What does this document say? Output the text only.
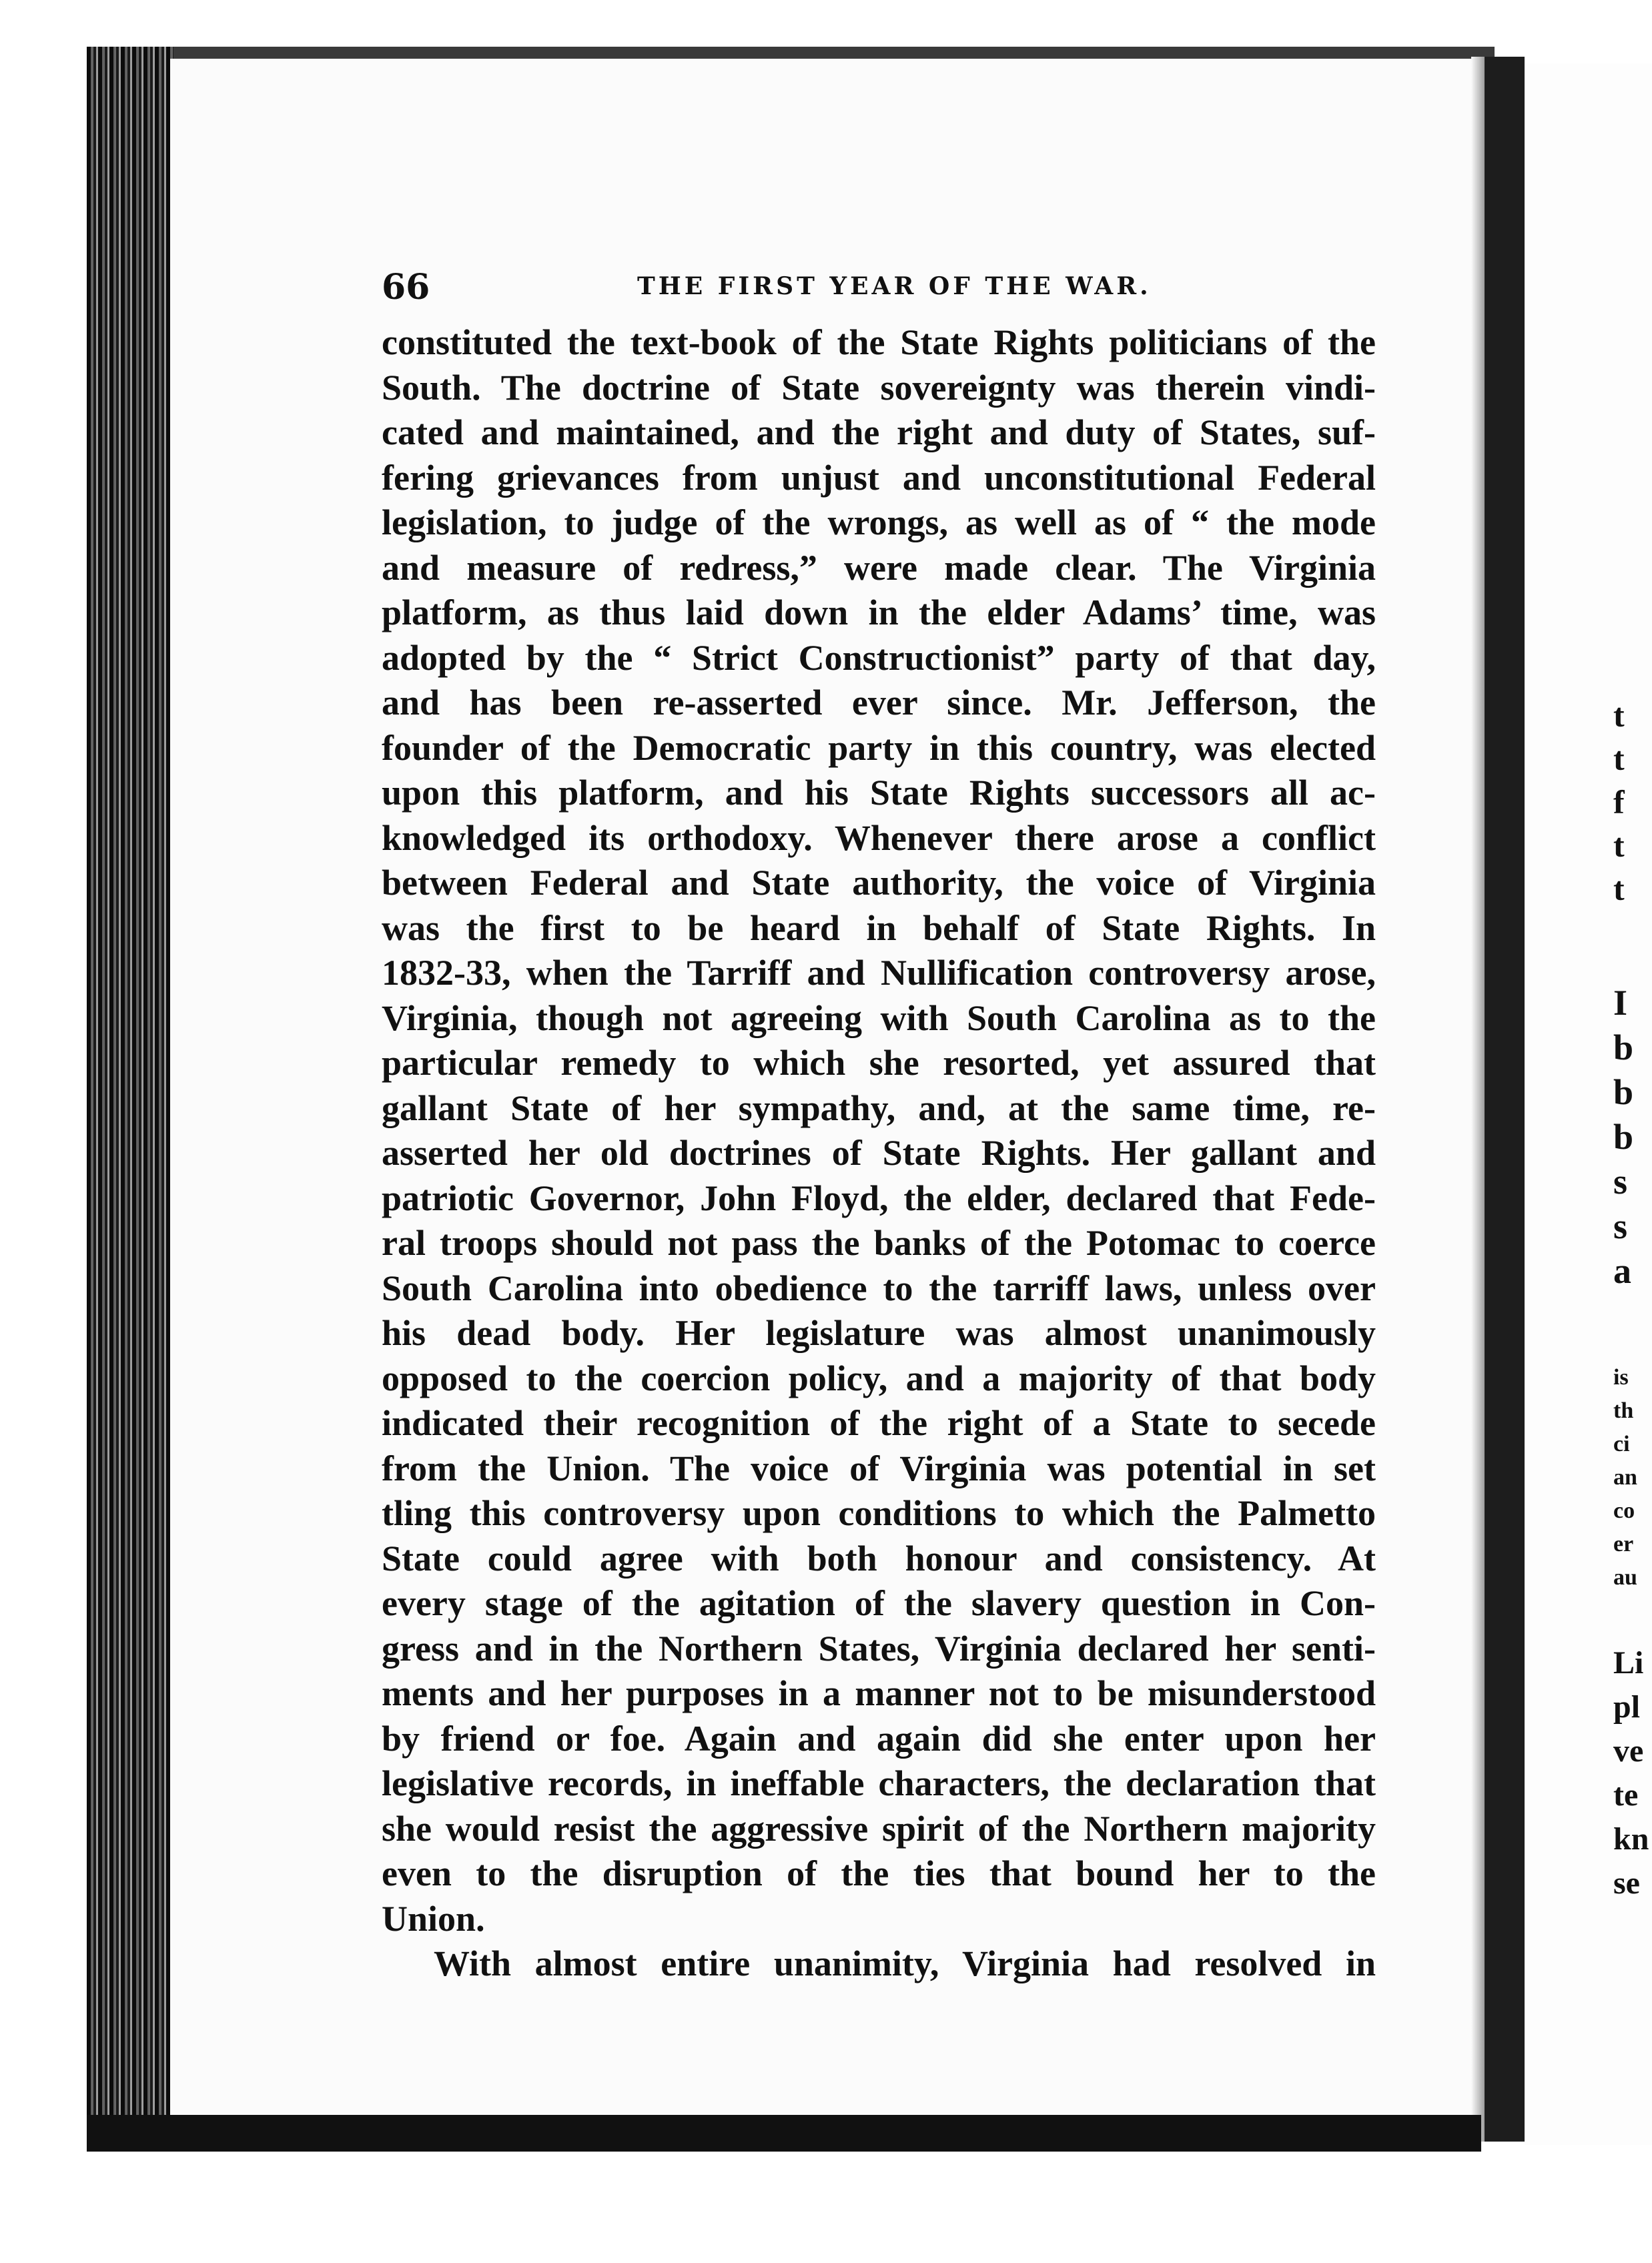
66	THE FIRST YEAR OF THE WAR.
constituted the text-book of the State Rights politicians of the
South. The doctrine of State sovereignty was therein vindi-
cated and maintained, and the right and duty of States, suf-
fering grievances from unjust and unconstitutional Federal
legislation, to judge of the wrongs, as well as of “ the mode
and measure of redress,” were made clear. The Virginia
platform, as thus laid down in the elder Adams’ time, was
adopted by the “ Strict Constructionist” party of that day,
and has been re-asserted ever since. Mr. Jefferson, the
founder of the Democratic party in this country, was elected
upon this platform, and his State Rights successors all ac-
knowledged its orthodoxy. Whenever there arose a conflict
between Federal and State authority, the voice of Virginia
was the first to be heard in behalf of State Rights. In
1832-33, when the Tarriff and Nullification controversy arose,
Virginia, though not agreeing with South Carolina as to the
particular remedy to which she resorted, yet assured that
gallant State of her sympathy, and, at the same time, re-
asserted her old doctrines of State Rights. Her gallant and
patriotic Governor, John Floyd, the elder, declared that Fede-
ral troops should not pass the banks of the Potomac to coerce
South Carolina into obedience to the tarriff laws, unless over
his dead body. Her legislature was almost unanimously
opposed to the coercion policy, and a majority of that body
indicated their recognition of the right of a State to secede
from the Union. The voice of Virginia was potential in set
tling this controversy upon conditions to which the Palmetto
State could agree with both honour and consistency. At
every stage of the agitation of the slavery question in Con-
gress and in the Northern States, Virginia declared her senti-
ments and her purposes in a manner not to be misunderstood
by friend or foe. Again and again did she enter upon her
legislative records, in ineffable characters, the declaration that
she would resist the aggressive spirit of the Northern majority
even to the disruption of the ties that bound her to the
Union.
With almost entire unanimity, Virginia had resolved in
t
t
f
t
t
I
b
b
b
s
s
a
is
th
ci
an
co
er
au
Li
pl
ve
te
kn
se
